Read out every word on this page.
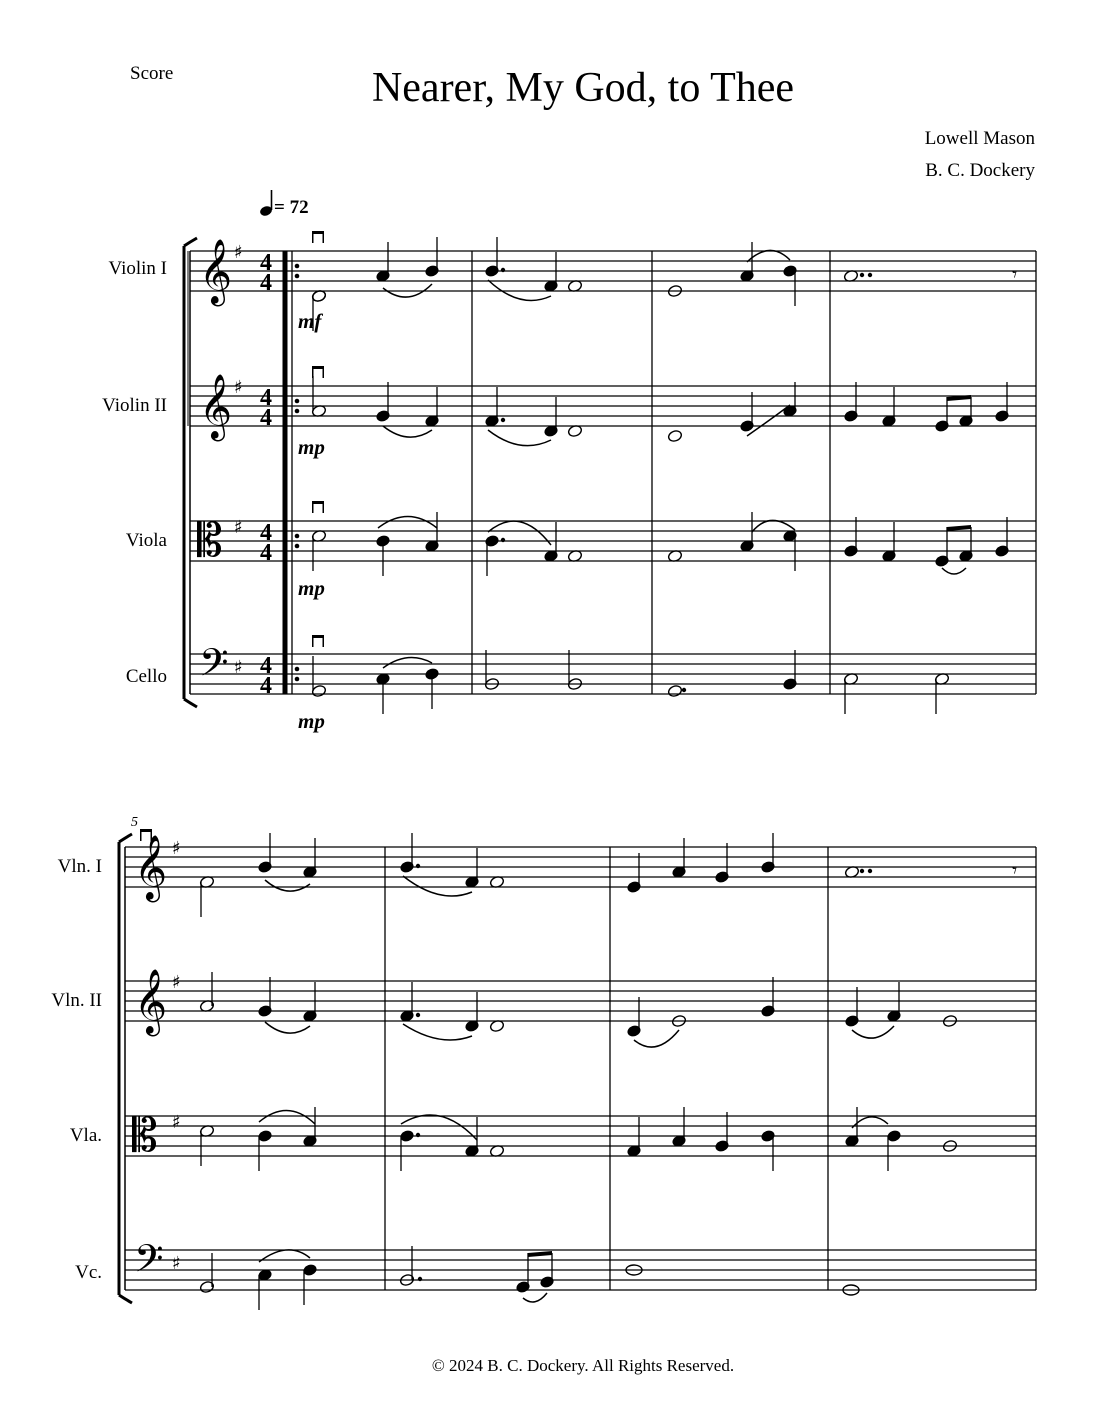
Score	Nearer, My God, to Thee
Lowell Mason
B. C. Dockery
= 72
Violin I
Violin II
Viola
Cello
mf
mp
mp
mp
5
Vln. I
Vln. II
Vla.
Vc.
© 2024 B. C. Dockery. All Rights Reserved.
𝄞
𝄞
𝄡
𝄢
♯
♯
♯
♯
4
4
4
4
4
4
4
4
𝄾
𝄞
𝄞
𝄡
𝄢
♯
♯
♯
♯
𝄾
